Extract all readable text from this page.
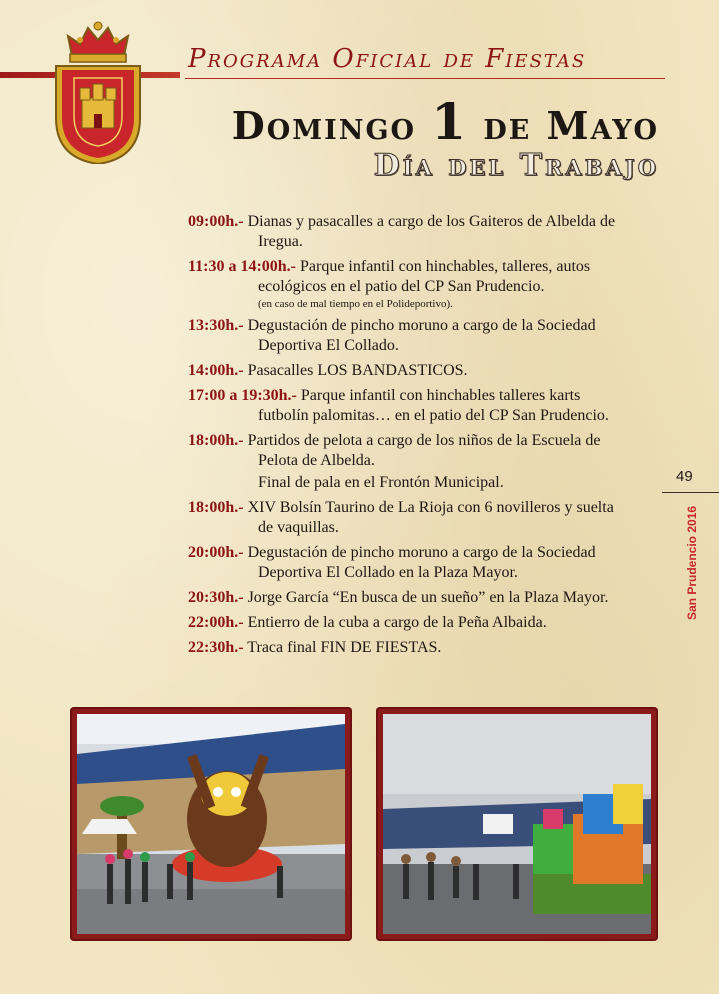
Programa Oficial de Fiestas
Domingo 1 de Mayo
Día del Trabajo
09:00h.- Dianas y pasacalles a cargo de los Gaiteros de Albelda de
Iregua.
11:30 a 14:00h.- Parque infantil con hinchables, talleres, autos
ecológicos en el patio del CP San Prudencio.
(en caso de mal tiempo en el Polideportivo).
13:30h.- Degustación de pincho moruno a cargo de la Sociedad
Deportiva El Collado.
14:00h.- Pasacalles LOS BANDASTICOS.
17:00 a 19:30h.- Parque infantil con hinchables talleres karts
futbolín palomitas… en el patio del CP San Prudencio.
18:00h.- Partidos de pelota a cargo de los niños de la Escuela de
Pelota de Albelda.
Final de pala en el Frontón Municipal.
18:00h.- XIV Bolsín Taurino de La Rioja con 6 novilleros y suelta
de vaquillas.
20:00h.- Degustación de pincho moruno a cargo de la Sociedad
Deportiva El Collado en la Plaza Mayor.
20:30h.- Jorge García “En busca de un sueño” en la Plaza Mayor.
22:00h.- Entierro de la cuba a cargo de la Peña Albaida.
22:30h.- Traca final FIN DE FIESTAS.
49
San Prudencio 2016
